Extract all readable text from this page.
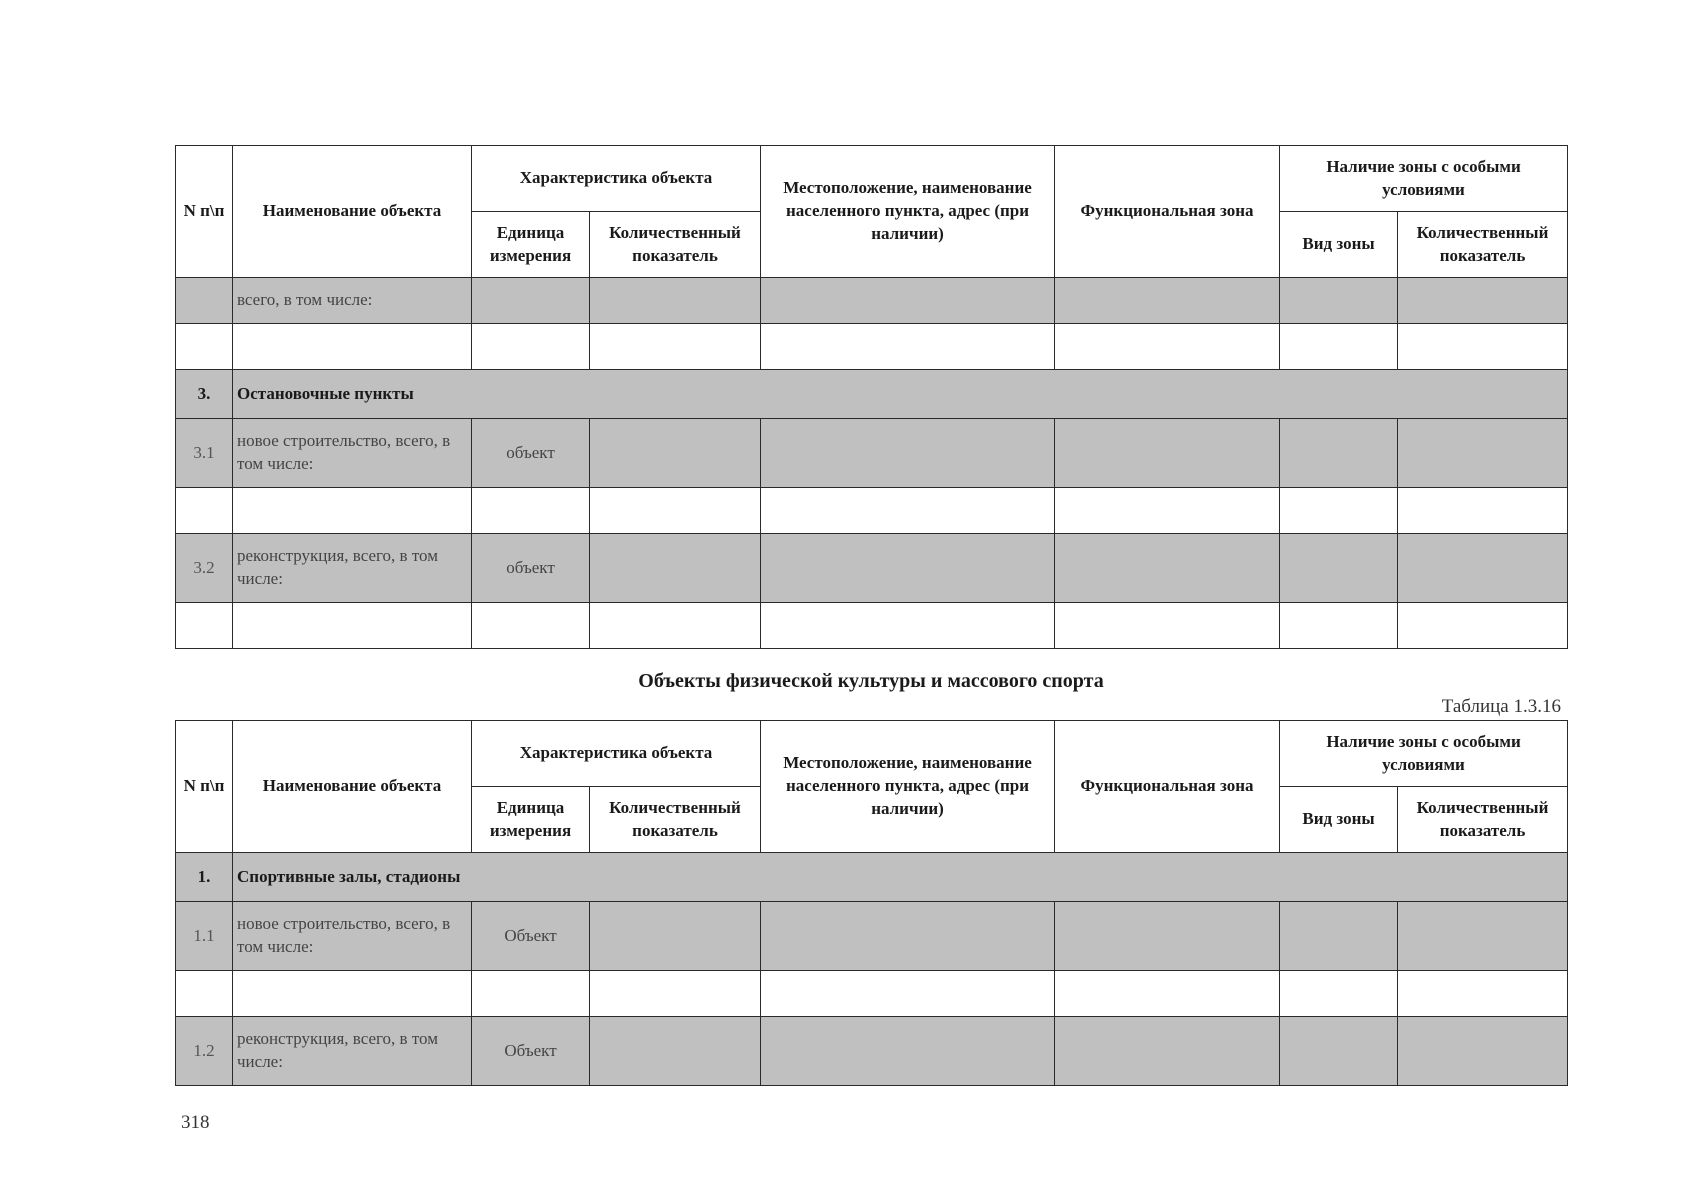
N п\п	Наименование объекта	Характеристика объекта		Местоположение, наименование населенного пункта, адрес (при наличии)	Функциональная зона	Наличие зоны с особыми условиями	
		Единица измерения	Количественный показатель			Вид зоны	Количественный показатель
	всего, в том числе:						

3.	Остановочные пункты						
3.1	новое строительство, всего, в том числе:	объект					

3.2	реконструкция, всего, в том числе:	объект					

Объекты физической культуры и массового спорта
Таблица 1.3.16
N п\п	Наименование объекта	Характеристика объекта		Местоположение, наименование населенного пункта, адрес (при наличии)	Функциональная зона	Наличие зоны с особыми условиями	
		Единица измерения	Количественный показатель			Вид зоны	Количественный показатель
1.	Спортивные залы, стадионы						
1.1	новое строительство, всего, в том числе:	Объект					

1.2	реконструкция, всего, в том числе:	Объект					
318
